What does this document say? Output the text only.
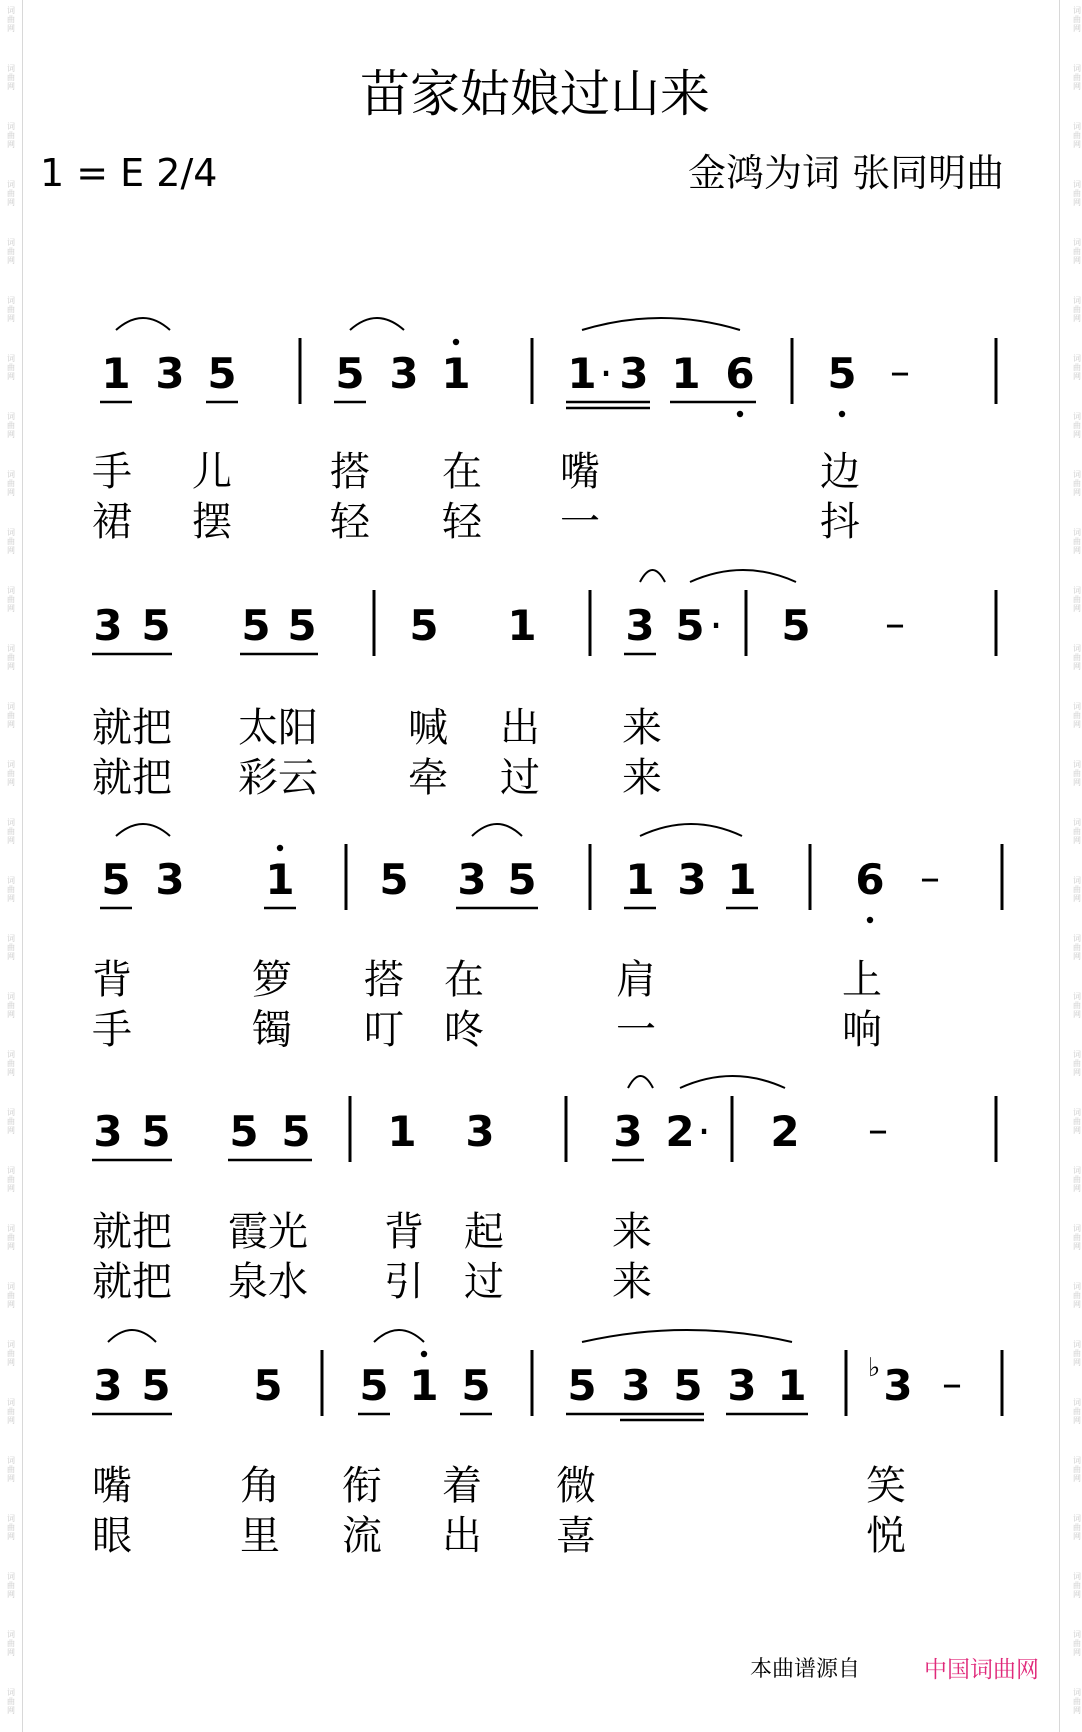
词
曲
网
词
曲
网
词
曲
网
词
曲
网
词
曲
网
词
曲
网
词
曲
网
词
曲
网
词
曲
网
词
曲
网
词
曲
网
词
曲
网
词
曲
网
词
曲
网
词
曲
网
词
曲
网
词
曲
网
词
曲
网
词
曲
网
词
曲
网
词
曲
网
词
曲
网
词
曲
网
词
曲
网
词
曲
网
词
曲
网
词
曲
网
词
曲
网
词
曲
网
词
曲
网
词
曲
网
词
曲
网
词
曲
网
词
曲
网
词
曲
网
词
曲
网
词
曲
网
词
曲
网
词
曲
网
词
曲
网
词
曲
网
词
曲
网
词
曲
网
词
曲
网
词
曲
网
词
曲
网
词
曲
网
词
曲
网
词
曲
网
词
曲
网
词
曲
网
词
曲
网
词
曲
网
词
曲
网
词
曲
网
词
曲
网
词
曲
网
词
曲
网
词
曲
网
词
曲
网
苗家姑娘过山来
1 = E 2/4	金鸿为词 张同明曲
1 3 5 5 3 1 1 · 3 1 6 5 –
手 儿 搭 在 嘴	边
裙 摆 轻 轻 一	抖
3 5 5 5 5 1 3 5 · 5 –
就把 太阳 喊 出 来
就把 彩云 牵 过 来
5 3 1 5 3 5 1 3 1 6 –
背	箩 搭 在	肩	上
手	镯 叮 咚	一	响
3 5 5 5 1 3	3 2 · 2 –
就把 霞光 背 起	来
就把 泉水 引 过	来
3 5 5 5 1 5 5 3 5 3 1 3 –
♭
嘴	角 衔 着 微	笑
眼	里 流 出 喜	悦
本曲谱源自	中国词曲网
